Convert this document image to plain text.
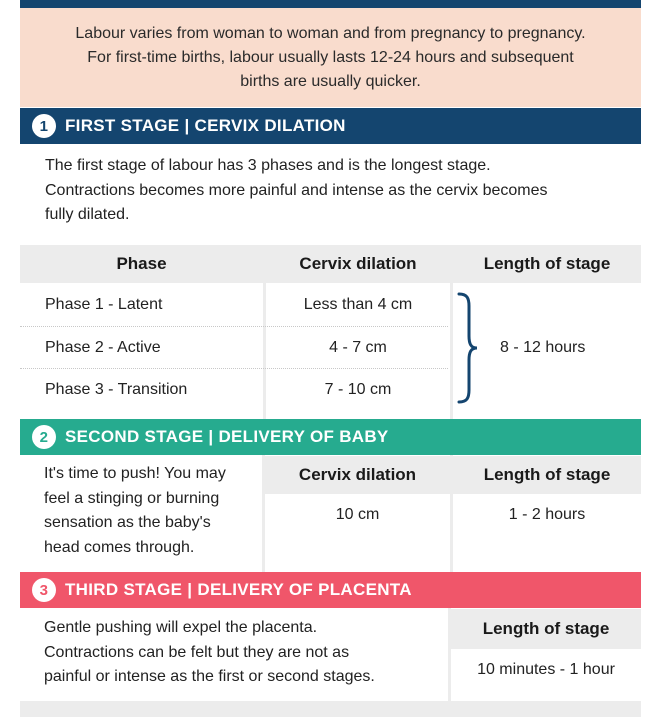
Labour varies from woman to woman and from pregnancy to pregnancy.
For first-time births, labour usually lasts 12-24 hours and subsequent
births are usually quicker.
1 FIRST STAGE | CERVIX DILATION
The first stage of labour has 3 phases and is the longest stage.
Contractions becomes more painful and intense as the cervix becomes
fully dilated.
Phase	Cervix dilation	Length of stage
Phase 1 - Latent	Less than 4 cm
Phase 2 - Active	4 - 7 cm
Phase 3 - Transition	7 - 10 cm
8 - 12 hours
2 SECOND STAGE | DELIVERY OF BABY
It's time to push! You may
feel a stinging or burning
sensation as the baby's
head comes through.
Cervix dilation	Length of stage
10 cm	1 - 2 hours
3 THIRD STAGE | DELIVERY OF PLACENTA
Gentle pushing will expel the placenta.
Contractions can be felt but they are not as
painful or intense as the first or second stages.
Length of stage
10 minutes - 1 hour
